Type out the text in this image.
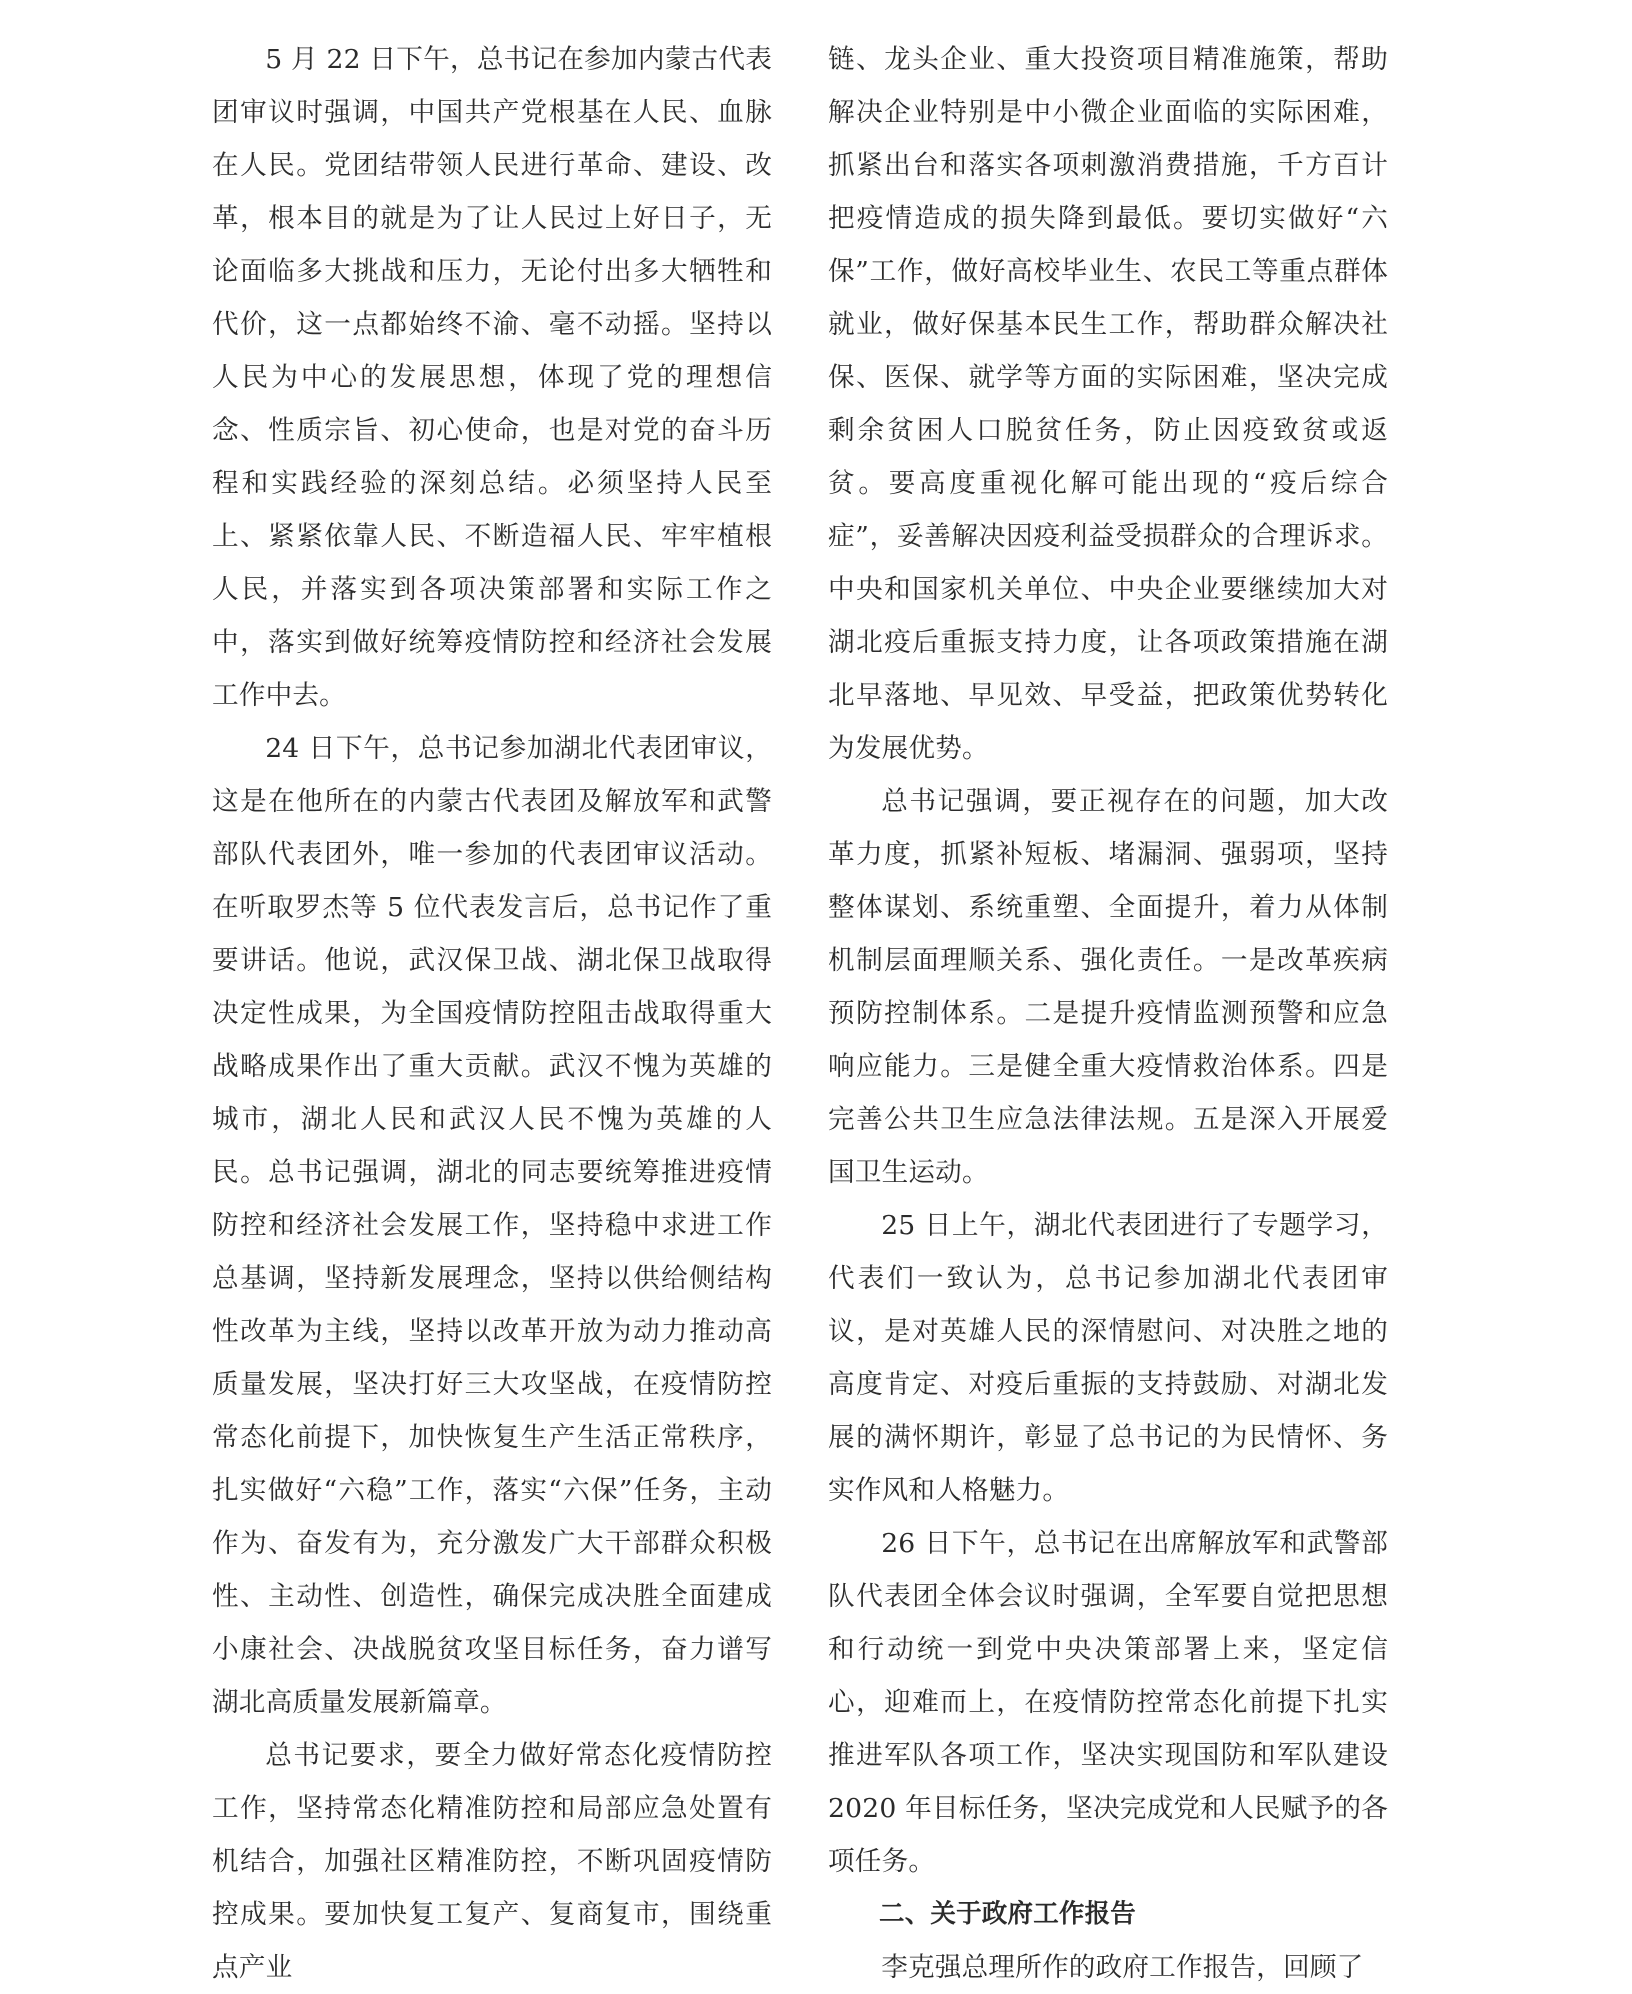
5 月 22 日下午，总书记在参加内蒙古代表团审议时强调，中国共产党根基在人民、血脉在人民。党团结带领人民进行革命、建设、改革，根本目的就是为了让人民过上好日子，无论面临多大挑战和压力，无论付出多大牺牲和代价，这一点都始终不渝、毫不动摇。坚持以人民为中心的发展思想，体现了党的理想信念、性质宗旨、初心使命，也是对党的奋斗历程和实践经验的深刻总结。必须坚持人民至上、紧紧依靠人民、不断造福人民、牢牢植根人民，并落实到各项决策部署和实际工作之中，落实到做好统筹疫情防控和经济社会发展工作中去。

24 日下午，总书记参加湖北代表团审议，这是在他所在的内蒙古代表团及解放军和武警部队代表团外，唯一参加的代表团审议活动。在听取罗杰等 5 位代表发言后，总书记作了重要讲话。他说，武汉保卫战、湖北保卫战取得决定性成果，为全国疫情防控阻击战取得重大战略成果作出了重大贡献。武汉不愧为英雄的城市，湖北人民和武汉人民不愧为英雄的人民。总书记强调，湖北的同志要统筹推进疫情防控和经济社会发展工作，坚持稳中求进工作总基调，坚持新发展理念，坚持以供给侧结构性改革为主线，坚持以改革开放为动力推动高质量发展，坚决打好三大攻坚战，在疫情防控常态化前提下，加快恢复生产生活正常秩序，扎实做好“六稳”工作，落实“六保”任务，主动作为、奋发有为，充分激发广大干部群众积极性、主动性、创造性，确保完成决胜全面建成小康社会、决战脱贫攻坚目标任务，奋力谱写湖北高质量发展新篇章。

总书记要求，要全力做好常态化疫情防控工作，坚持常态化精准防控和局部应急处置有机结合，加强社区精准防控，不断巩固疫情防控成果。要加快复工复产、复商复市，围绕重点产业

链、龙头企业、重大投资项目精准施策，帮助解决企业特别是中小微企业面临的实际困难，抓紧出台和落实各项刺激消费措施，千方百计把疫情造成的损失降到最低。要切实做好“六保”工作，做好高校毕业生、农民工等重点群体就业，做好保基本民生工作，帮助群众解决社保、医保、就学等方面的实际困难，坚决完成剩余贫困人口脱贫任务，防止因疫致贫或返贫。要高度重视化解可能出现的“疫后综合症”，妥善解决因疫利益受损群众的合理诉求。中央和国家机关单位、中央企业要继续加大对湖北疫后重振支持力度，让各项政策措施在湖北早落地、早见效、早受益，把政策优势转化为发展优势。

总书记强调，要正视存在的问题，加大改革力度，抓紧补短板、堵漏洞、强弱项，坚持整体谋划、系统重塑、全面提升，着力从体制机制层面理顺关系、强化责任。一是改革疾病预防控制体系。二是提升疫情监测预警和应急响应能力。三是健全重大疫情救治体系。四是完善公共卫生应急法律法规。五是深入开展爱国卫生运动。

25 日上午，湖北代表团进行了专题学习，代表们一致认为，总书记参加湖北代表团审议，是对英雄人民的深情慰问、对决胜之地的高度肯定、对疫后重振的支持鼓励、对湖北发展的满怀期许，彰显了总书记的为民情怀、务实作风和人格魅力。

26 日下午，总书记在出席解放军和武警部队代表团全体会议时强调，全军要自觉把思想和行动统一到党中央决策部署上来，坚定信心，迎难而上，在疫情防控常态化前提下扎实推进军队各项工作，坚决实现国防和军队建设 2020 年目标任务，坚决完成党和人民赋予的各项任务。

二、关于政府工作报告

李克强总理所作的政府工作报告，回顾了
